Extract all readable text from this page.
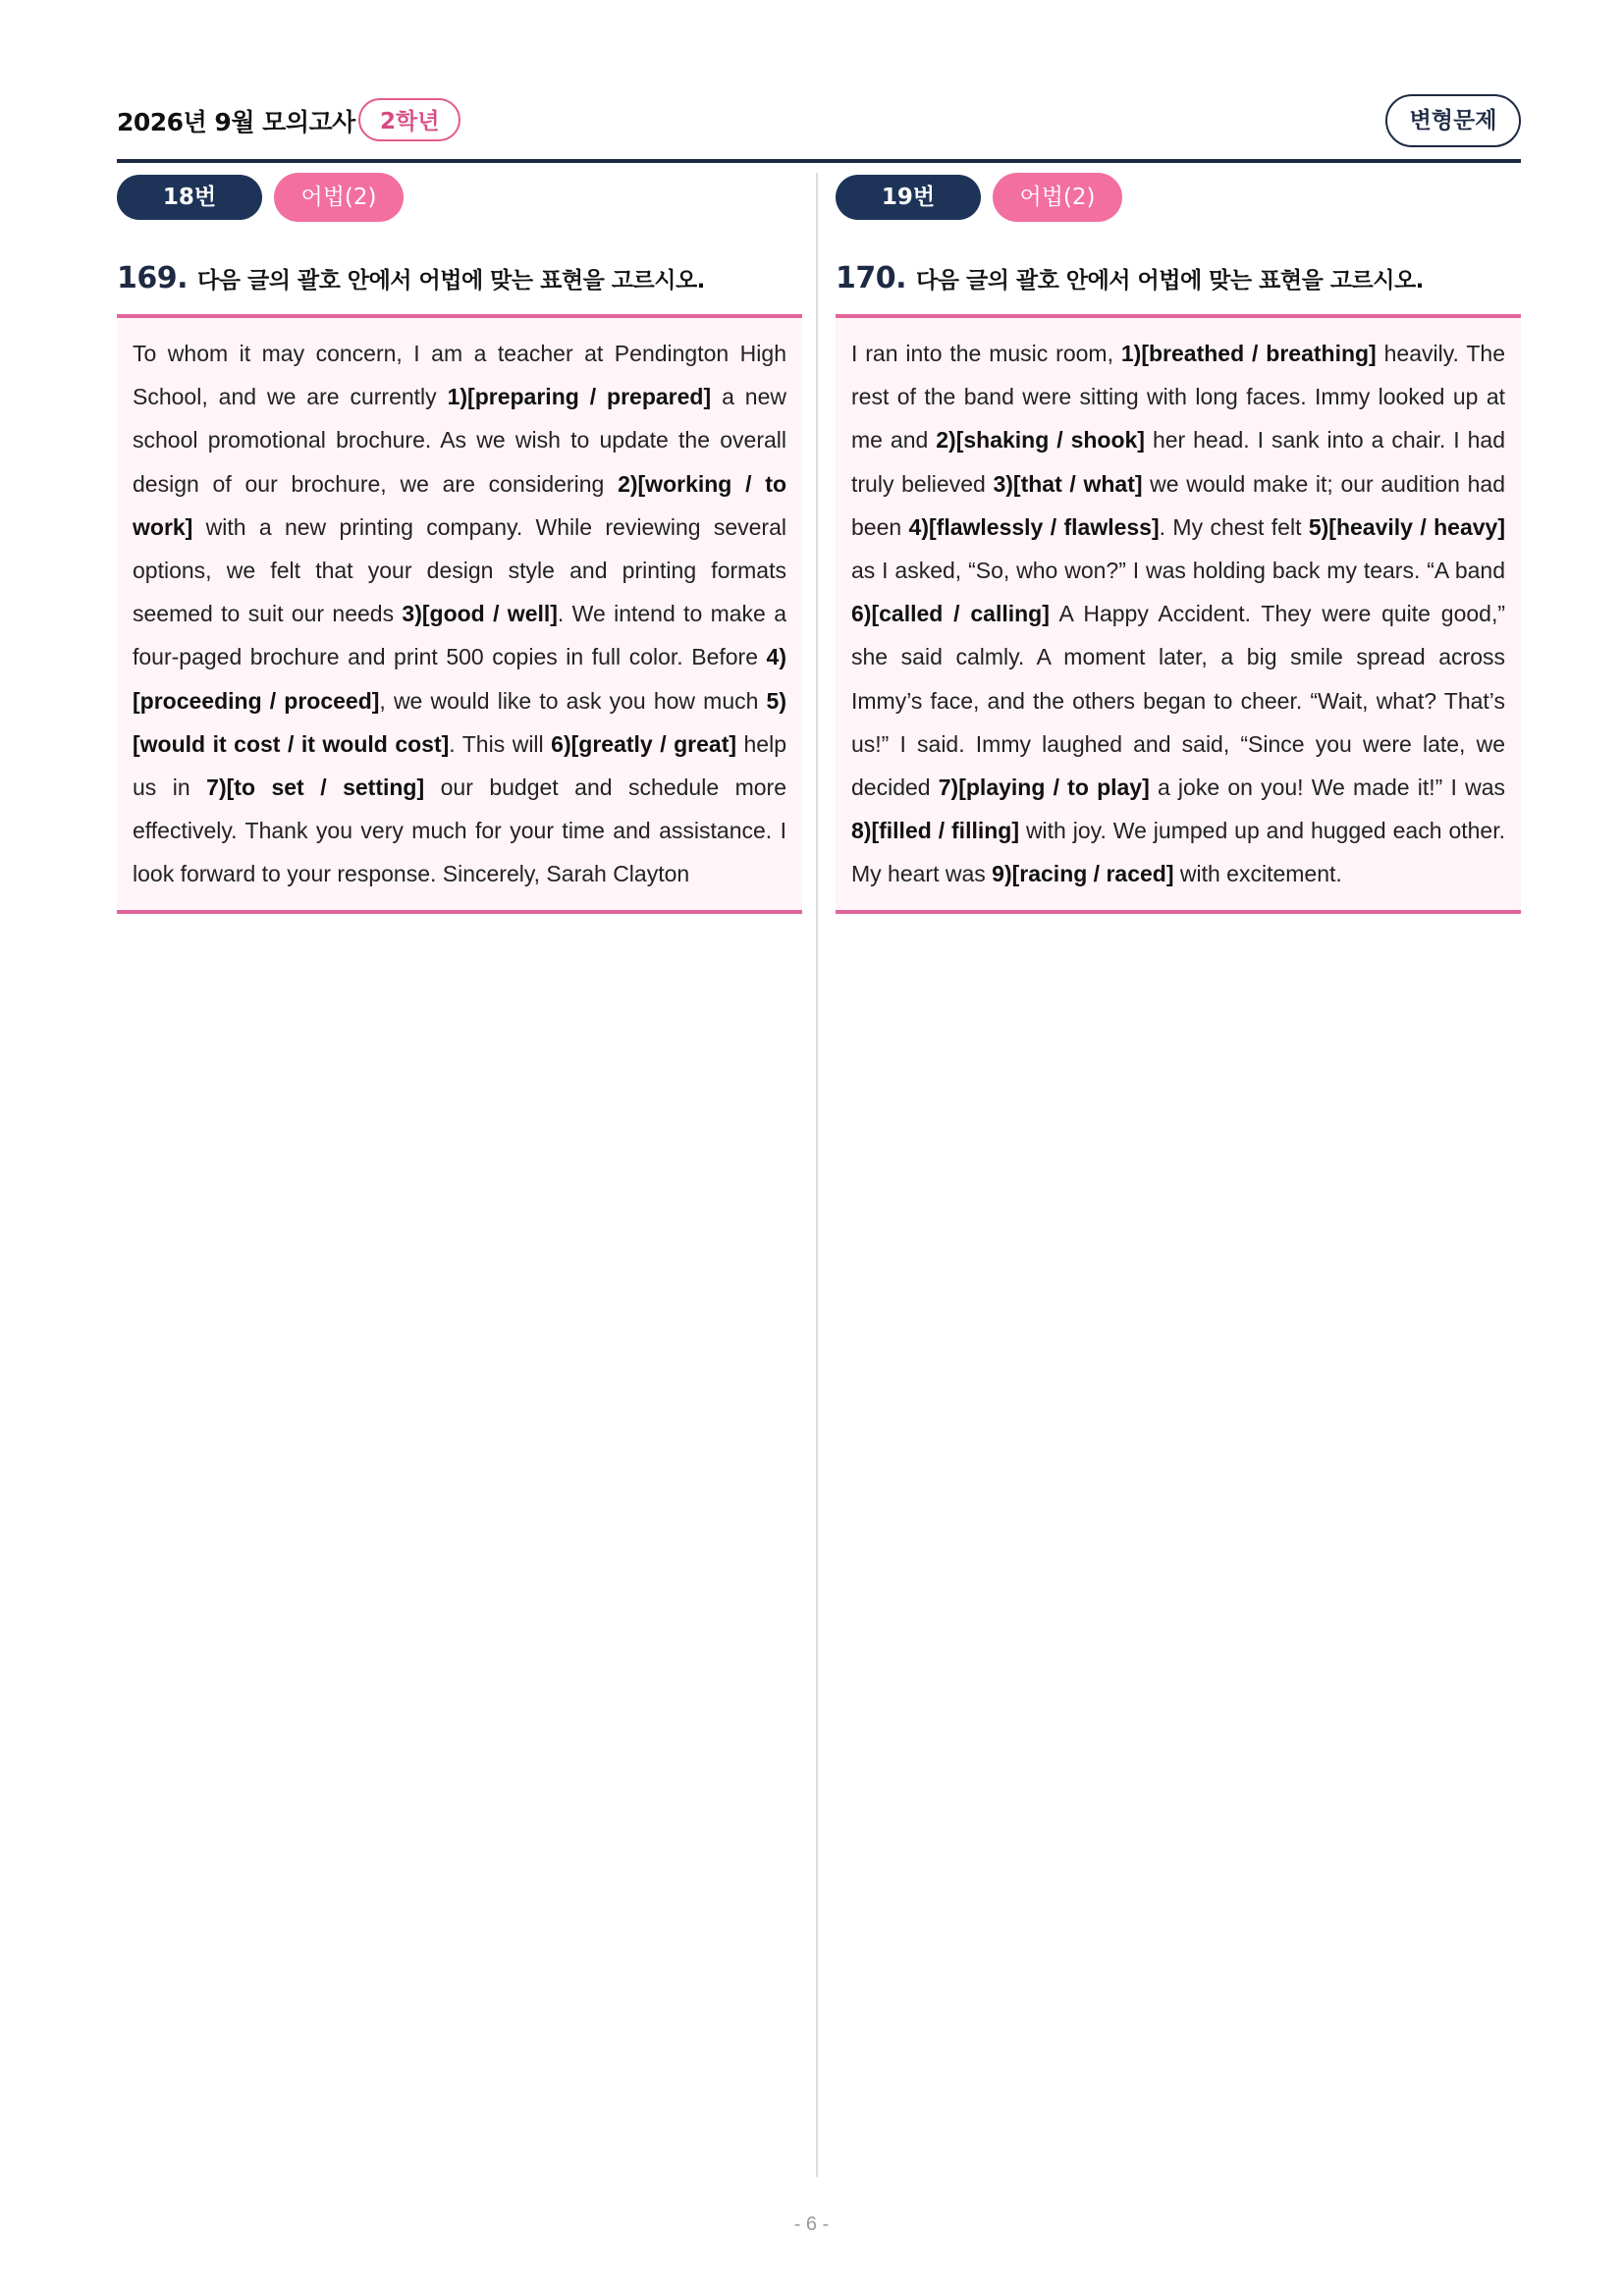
2026년 9월 모의고사	2학년	변형문제
18번	어법(2)
169. 다음 글의 괄호 안에서 어법에 맞는 표현을 고르시오.
To whom it may concern, I am a teacher at Pendington High School, and we are currently 1)[preparing / prepared] a new school promotional brochure. As we wish to update the overall design of our brochure, we are considering 2)[working / to work] with a new printing company. While reviewing several options, we felt that your design style and printing formats seemed to suit our needs 3)[good / well]. We intend to make a four-paged brochure and print 500 copies in full color. Before 4)[proceeding / proceed], we would like to ask you how much 5)[would it cost / it would cost]. This will 6)[greatly / great] help us in 7)[to set / setting] our budget and schedule more effectively. Thank you very much for your time and assistance. I look forward to your response. Sincerely, Sarah Clayton
19번	어법(2)
170. 다음 글의 괄호 안에서 어법에 맞는 표현을 고르시오.
I ran into the music room, 1)[breathed / breathing] heavily. The rest of the band were sitting with long faces. Immy looked up at me and 2)[shaking / shook] her head. I sank into a chair. I had truly believed 3)[that / what] we would make it; our audition had been 4)[flawlessly / flawless]. My chest felt 5)[heavily / heavy] as I asked, “So, who won?” I was holding back my tears. “A band 6)[called / calling] A Happy Accident. They were quite good,” she said calmly. A moment later, a big smile spread across Immy’s face, and the others began to cheer. “Wait, what? That’s us!” I said. Immy laughed and said, “Since you were late, we decided 7)[playing / to play] a joke on you! We made it!” I was 8)[filled / filling] with joy. We jumped up and hugged each other. My heart was 9)[racing / raced] with excitement.
- 6 -
